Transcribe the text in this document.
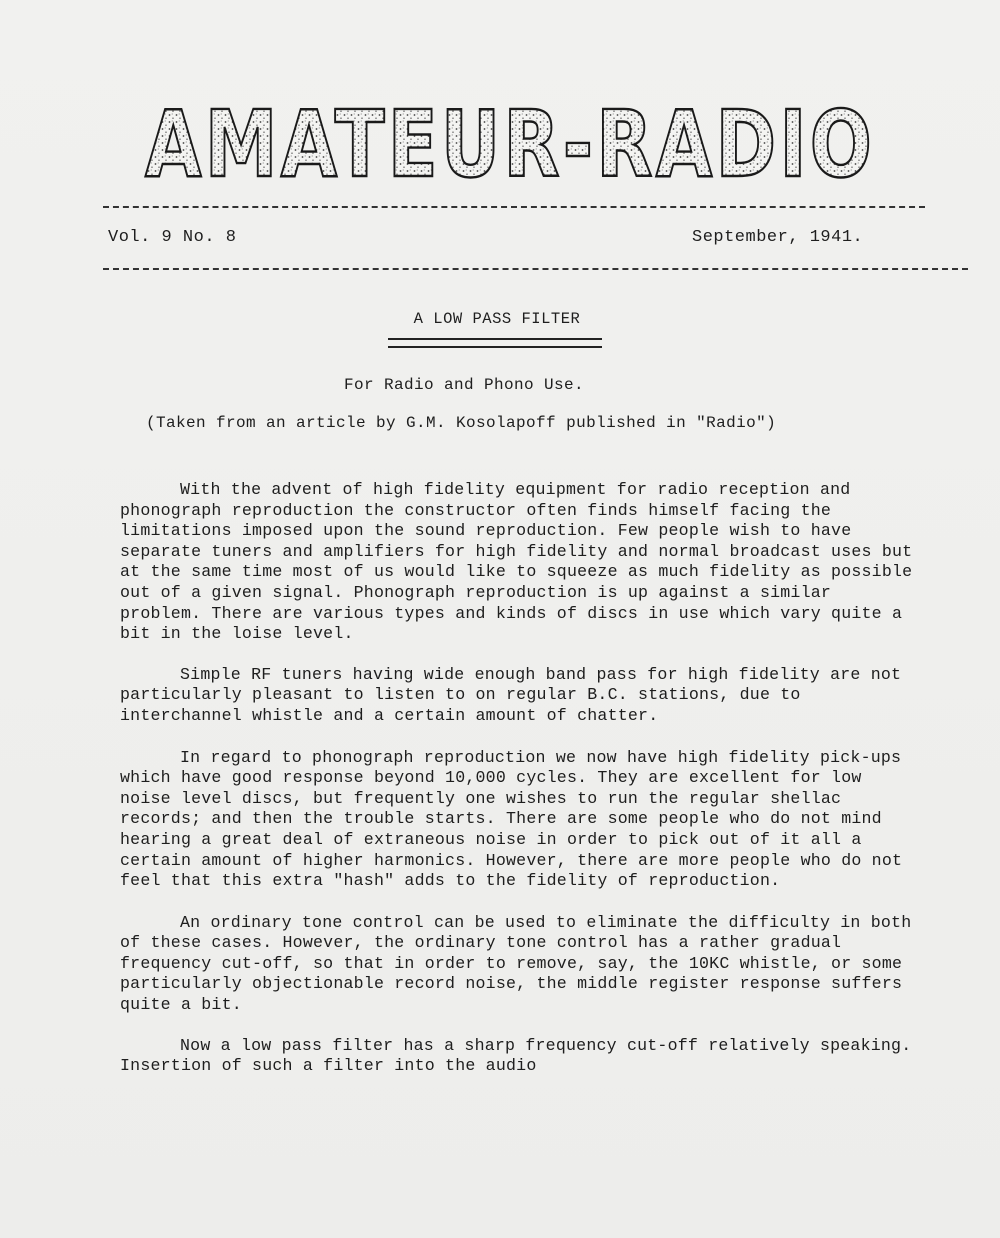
AMATEUR-RADIO
Vol. 9 No. 8	September, 1941.
A LOW PASS FILTER
For Radio and Phono Use.
(Taken from an article by G.M. Kosolapoff published in "Radio")

With the advent of high fidelity equipment for radio reception and phonograph reproduction the constructor often finds himself facing the limitations imposed upon the sound reproduction. Few people wish to have separate tuners and amplifiers for high fidelity and normal broadcast uses but at the same time most of us would like to squeeze as much fidelity as possible out of a given signal. Phonograph reproduction is up against a similar problem. There are various types and kinds of discs in use which vary quite a bit in the loise level.

Simple RF tuners having wide enough band pass for high fidelity are not particularly pleasant to listen to on regular B.C. stations, due to interchannel whistle and a certain amount of chatter.

In regard to phonograph reproduction we now have high fidelity pick-ups which have good response beyond 10,000 cycles. They are excellent for low noise level discs, but frequently one wishes to run the regular shellac records; and then the trouble starts. There are some people who do not mind hearing a great deal of extraneous noise in order to pick out of it all a certain amount of higher harmonics. However, there are more people who do not feel that this extra "hash" adds to the fidelity of reproduction.

An ordinary tone control can be used to eliminate the difficulty in both of these cases. However, the ordinary tone control has a rather gradual frequency cut-off, so that in order to remove, say, the 10KC whistle, or some particularly objectionable record noise, the middle register response suffers quite a bit.

Now a low pass filter has a sharp frequency cut-off relatively speaking. Insertion of such a filter into the audio
